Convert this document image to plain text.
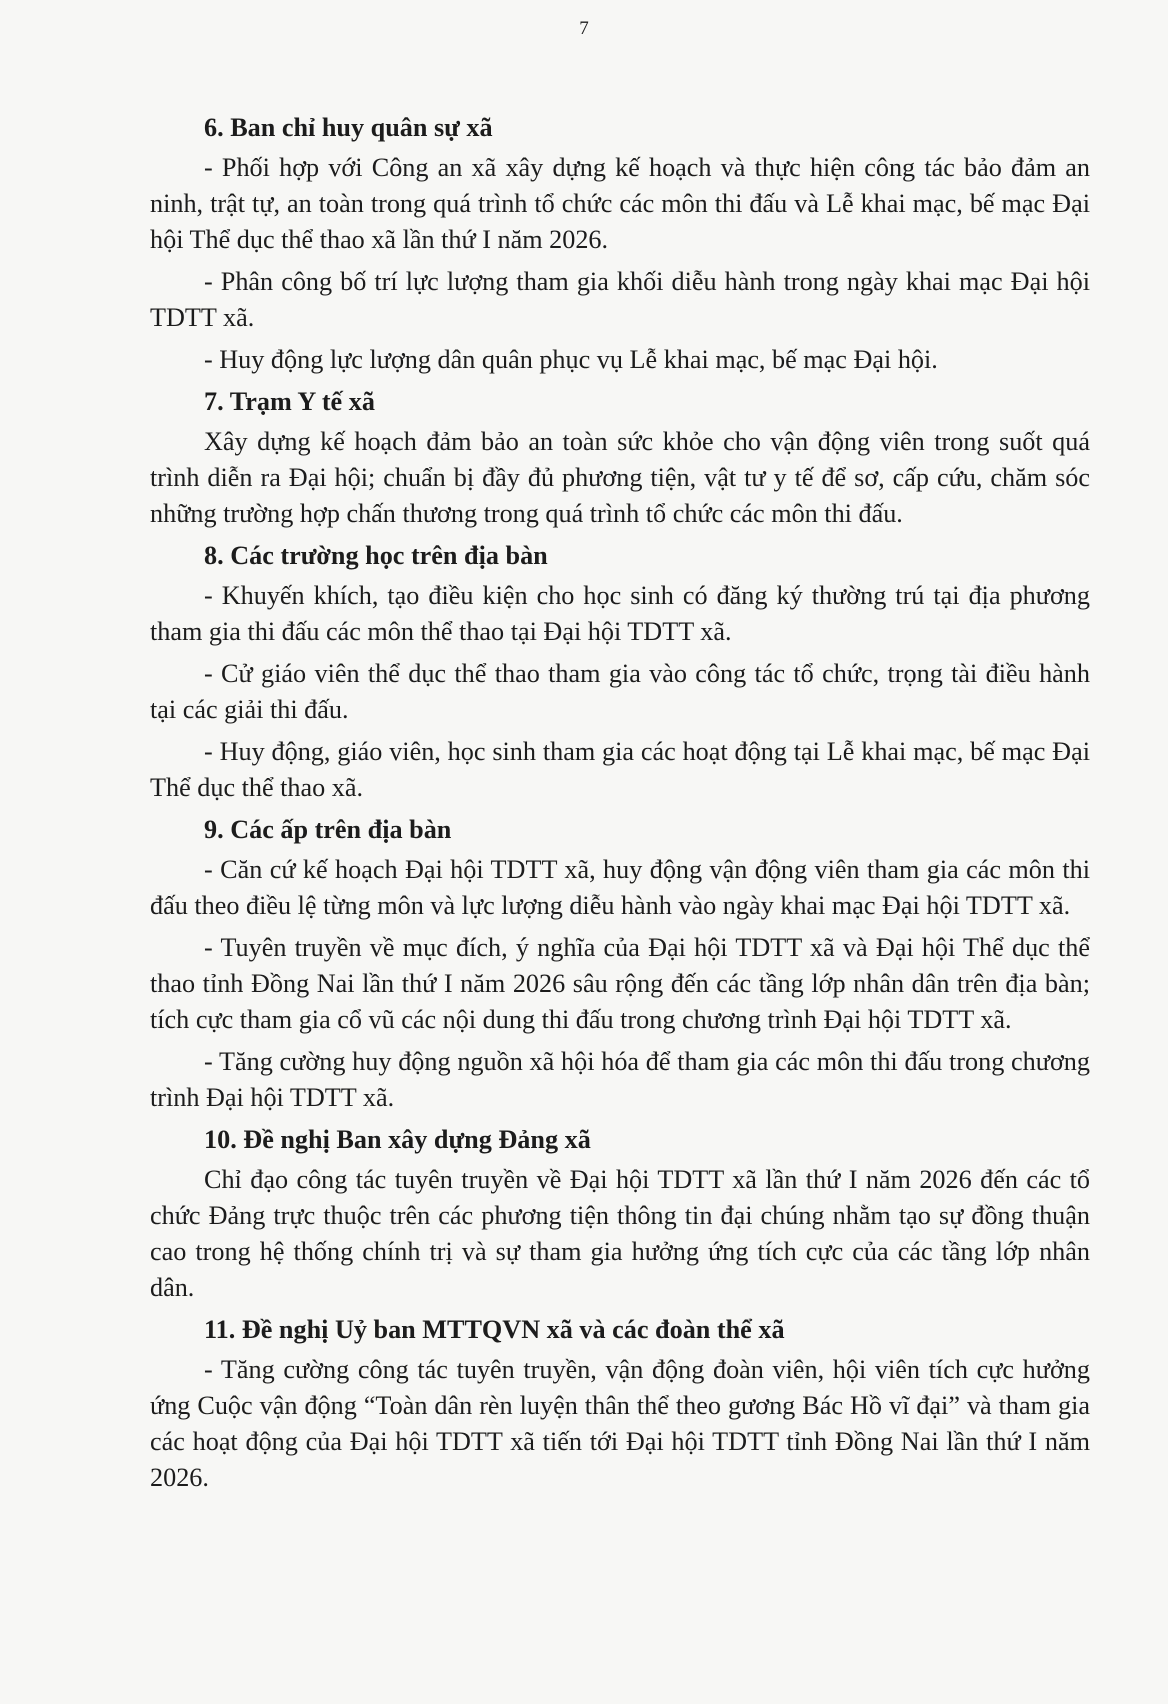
7
6. Ban chỉ huy quân sự xã

- Phối hợp với Công an xã xây dựng kế hoạch và thực hiện công tác bảo đảm an ninh, trật tự, an toàn trong quá trình tổ chức các môn thi đấu và Lễ khai mạc, bế mạc Đại hội Thể dục thể thao xã lần thứ I năm 2026.

- Phân công bố trí lực lượng tham gia khối diễu hành trong ngày khai mạc Đại hội TDTT xã.

- Huy động lực lượng dân quân phục vụ Lễ khai mạc, bế mạc Đại hội.

7. Trạm Y tế xã

Xây dựng kế hoạch đảm bảo an toàn sức khỏe cho vận động viên trong suốt quá trình diễn ra Đại hội; chuẩn bị đầy đủ phương tiện, vật tư y tế để sơ, cấp cứu, chăm sóc những trường hợp chấn thương trong quá trình tổ chức các môn thi đấu.

8. Các trường học trên địa bàn

- Khuyến khích, tạo điều kiện cho học sinh có đăng ký thường trú tại địa phương tham gia thi đấu các môn thể thao tại Đại hội TDTT xã.

- Cử giáo viên thể dục thể thao tham gia vào công tác tổ chức, trọng tài điều hành tại các giải thi đấu.

- Huy động, giáo viên, học sinh tham gia các hoạt động tại Lễ khai mạc, bế mạc Đại Thể dục thể thao xã.

9. Các ấp trên địa bàn

- Căn cứ kế hoạch Đại hội TDTT xã, huy động vận động viên tham gia các môn thi đấu theo điều lệ từng môn và lực lượng diễu hành vào ngày khai mạc Đại hội TDTT xã.

- Tuyên truyền về mục đích, ý nghĩa của Đại hội TDTT xã và Đại hội Thể dục thể thao tỉnh Đồng Nai lần thứ I năm 2026 sâu rộng đến các tầng lớp nhân dân trên địa bàn; tích cực tham gia cổ vũ các nội dung thi đấu trong chương trình Đại hội TDTT xã.

- Tăng cường huy động nguồn xã hội hóa để tham gia các môn thi đấu trong chương trình Đại hội TDTT xã.

10. Đề nghị Ban xây dựng Đảng xã

Chỉ đạo công tác tuyên truyền về Đại hội TDTT xã lần thứ I năm 2026 đến các tổ chức Đảng trực thuộc trên các phương tiện thông tin đại chúng nhằm tạo sự đồng thuận cao trong hệ thống chính trị và sự tham gia hưởng ứng tích cực của các tầng lớp nhân dân.

11. Đề nghị Uỷ ban MTTQVN xã và các đoàn thể xã

- Tăng cường công tác tuyên truyền, vận động đoàn viên, hội viên tích cực hưởng ứng Cuộc vận động “Toàn dân rèn luyện thân thể theo gương Bác Hồ vĩ đại” và tham gia các hoạt động của Đại hội TDTT xã tiến tới Đại hội TDTT tỉnh Đồng Nai lần thứ I năm 2026.
